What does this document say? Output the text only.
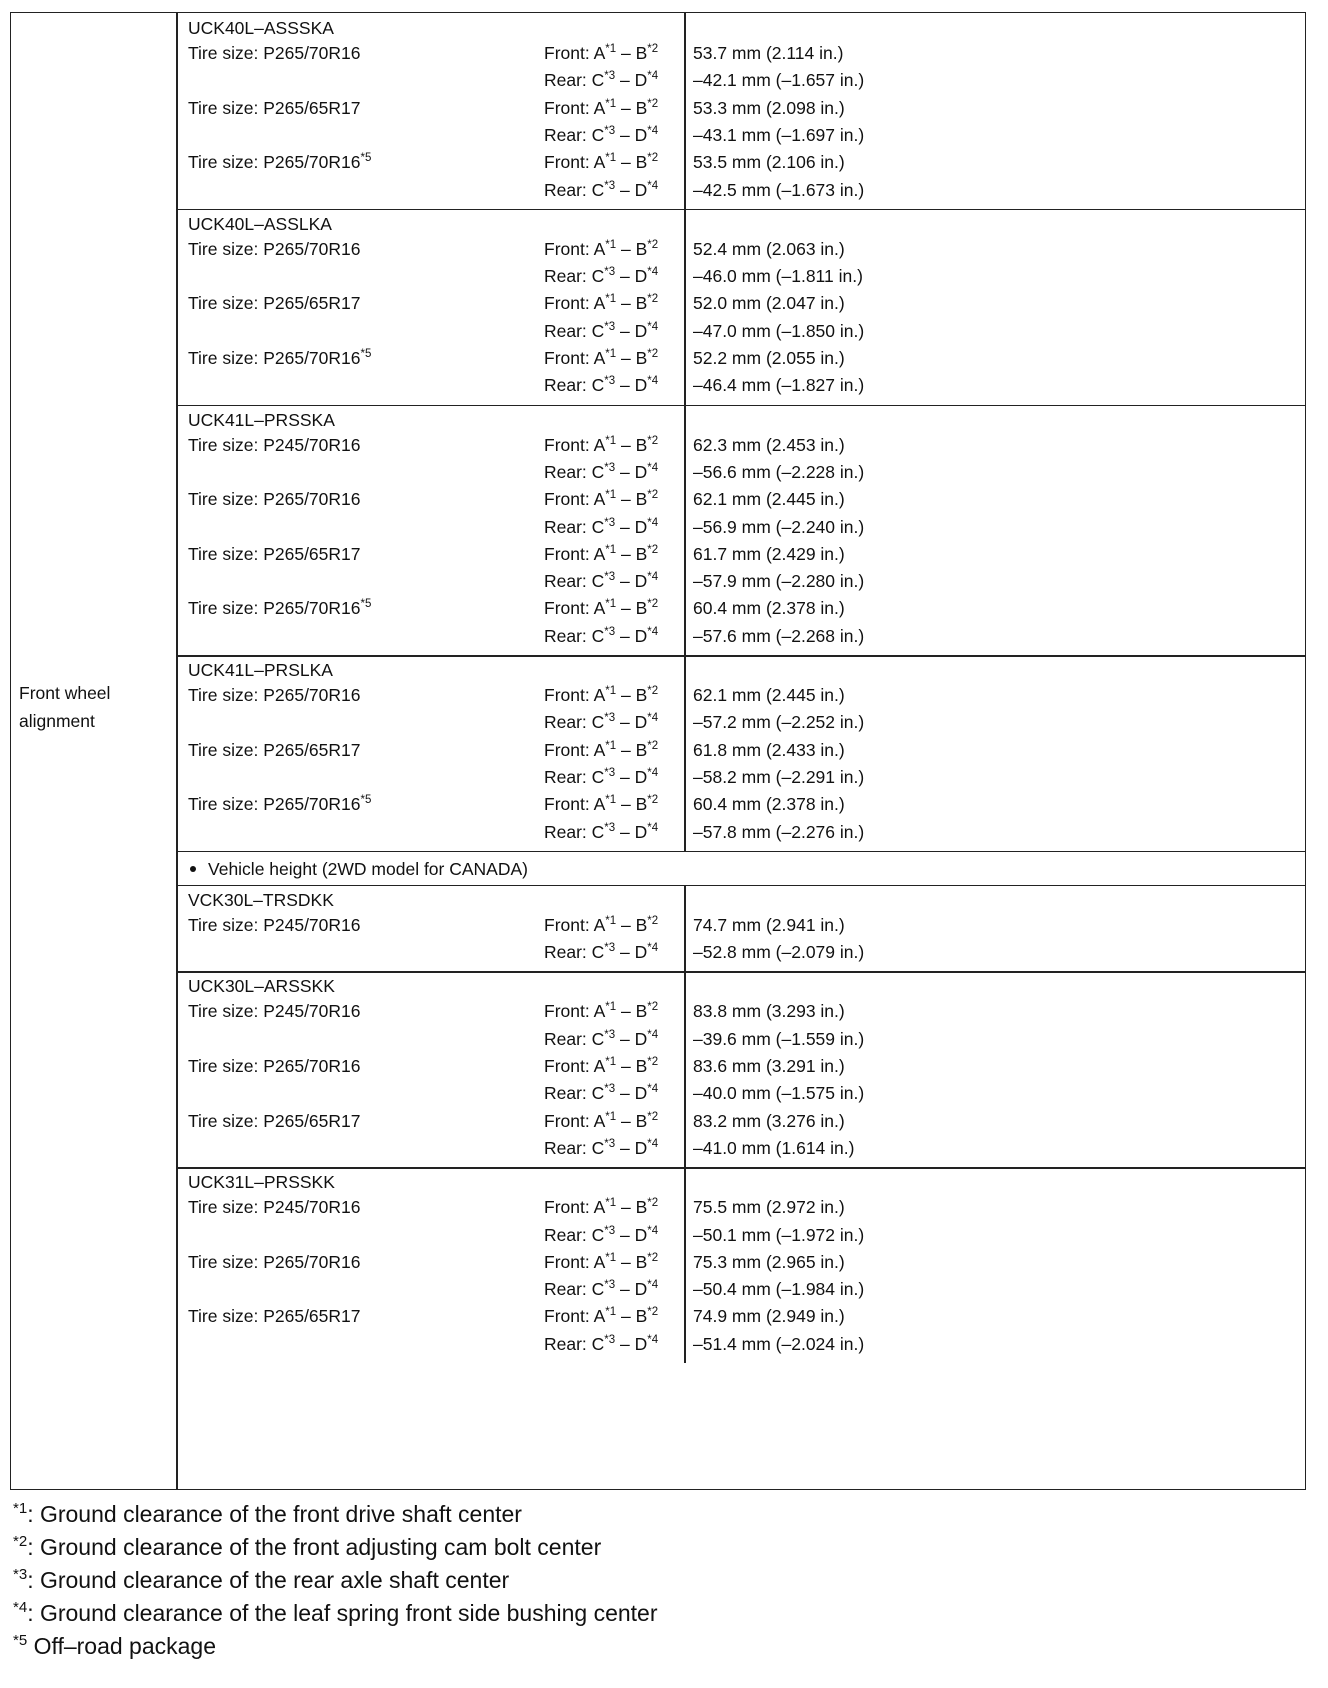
Front wheel
alignment
UCK40L–ASSSKA
Tire size: P265/70R16	Front: $A^{*1} - B^{*2}$ 53.7 mm (2.114 in.)
Rear: $C^{*3} - D^{*4}$ –42.1 mm (–1.657 in.)
Tire size: P265/65R17	Front: $A^{*1} - B^{*2}$ 53.3 mm (2.098 in.)
Rear: $C^{*3} - D^{*4}$ –43.1 mm (–1.697 in.)
Tire size: P265/70R16$^{*5}$	Front: $A^{*1} - B^{*2}$ 53.5 mm (2.106 in.)
Rear: $C^{*3} - D^{*4}$ –42.5 mm (–1.673 in.)
UCK40L–ASSLKA
Tire size: P265/70R16	Front: $A^{*1} - B^{*2}$ 52.4 mm (2.063 in.)
Rear: $C^{*3} - D^{*4}$ –46.0 mm (–1.811 in.)
Tire size: P265/65R17	Front: $A^{*1} - B^{*2}$ 52.0 mm (2.047 in.)
Rear: $C^{*3} - D^{*4}$ –47.0 mm (–1.850 in.)
Tire size: P265/70R16$^{*5}$	Front: $A^{*1} - B^{*2}$ 52.2 mm (2.055 in.)
Rear: $C^{*3} - D^{*4}$ –46.4 mm (–1.827 in.)
UCK41L–PRSSKA
Tire size: P245/70R16	Front: $A^{*1} - B^{*2}$ 62.3 mm (2.453 in.)
Rear: $C^{*3} - D^{*4}$ –56.6 mm (–2.228 in.)
Tire size: P265/70R16	Front: $A^{*1} - B^{*2}$ 62.1 mm (2.445 in.)
Rear: $C^{*3} - D^{*4}$ –56.9 mm (–2.240 in.)
Tire size: P265/65R17	Front: $A^{*1} - B^{*2}$ 61.7 mm (2.429 in.)
Rear: $C^{*3} - D^{*4}$ –57.9 mm (–2.280 in.)
Tire size: P265/70R16$^{*5}$	Front: $A^{*1} - B^{*2}$ 60.4 mm (2.378 in.)
Rear: $C^{*3} - D^{*4}$ –57.6 mm (–2.268 in.)
UCK41L–PRSLKA
Tire size: P265/70R16	Front: $A^{*1} - B^{*2}$ 62.1 mm (2.445 in.)
Rear: $C^{*3} - D^{*4}$ –57.2 mm (–2.252 in.)
Tire size: P265/65R17	Front: $A^{*1} - B^{*2}$ 61.8 mm (2.433 in.)
Rear: $C^{*3} - D^{*4}$ –58.2 mm (–2.291 in.)
Tire size: P265/70R16$^{*5}$	Front: $A^{*1} - B^{*2}$ 60.4 mm (2.378 in.)
Rear: $C^{*3} - D^{*4}$ –57.8 mm (–2.276 in.)
Vehicle height (2WD model for CANADA)
VCK30L–TRSDKK
Tire size: P245/70R16	Front: $A^{*1} - B^{*2}$ 74.7 mm (2.941 in.)
Rear: $C^{*3} - D^{*4}$ –52.8 mm (–2.079 in.)
UCK30L–ARSSKK
Tire size: P245/70R16	Front: $A^{*1} - B^{*2}$ 83.8 mm (3.293 in.)
Rear: $C^{*3} - D^{*4}$ –39.6 mm (–1.559 in.)
Tire size: P265/70R16	Front: $A^{*1} - B^{*2}$ 83.6 mm (3.291 in.)
Rear: $C^{*3} - D^{*4}$ –40.0 mm (–1.575 in.)
Tire size: P265/65R17	Front: $A^{*1} - B^{*2}$ 83.2 mm (3.276 in.)
Rear: $C^{*3} - D^{*4}$ –41.0 mm (1.614 in.)
UCK31L–PRSSKK
Tire size: P245/70R16	Front: $A^{*1} - B^{*2}$ 75.5 mm (2.972 in.)
Rear: $C^{*3} - D^{*4}$ –50.1 mm (–1.972 in.)
Tire size: P265/70R16	Front: $A^{*1} - B^{*2}$ 75.3 mm (2.965 in.)
Rear: $C^{*3} - D^{*4}$ –50.4 mm (–1.984 in.)
Tire size: P265/65R17	Front: $A^{*1} - B^{*2}$ 74.9 mm (2.949 in.)
Rear: $C^{*3} - D^{*4}$ –51.4 mm (–2.024 in.)
$^{*1}$: Ground clearance of the front drive shaft center
$^{*2}$: Ground clearance of the front adjusting cam bolt center
$^{*3}$: Ground clearance of the rear axle shaft center
$^{*4}$: Ground clearance of the leaf spring front side bushing center
$^{*5}$ Off–road package
